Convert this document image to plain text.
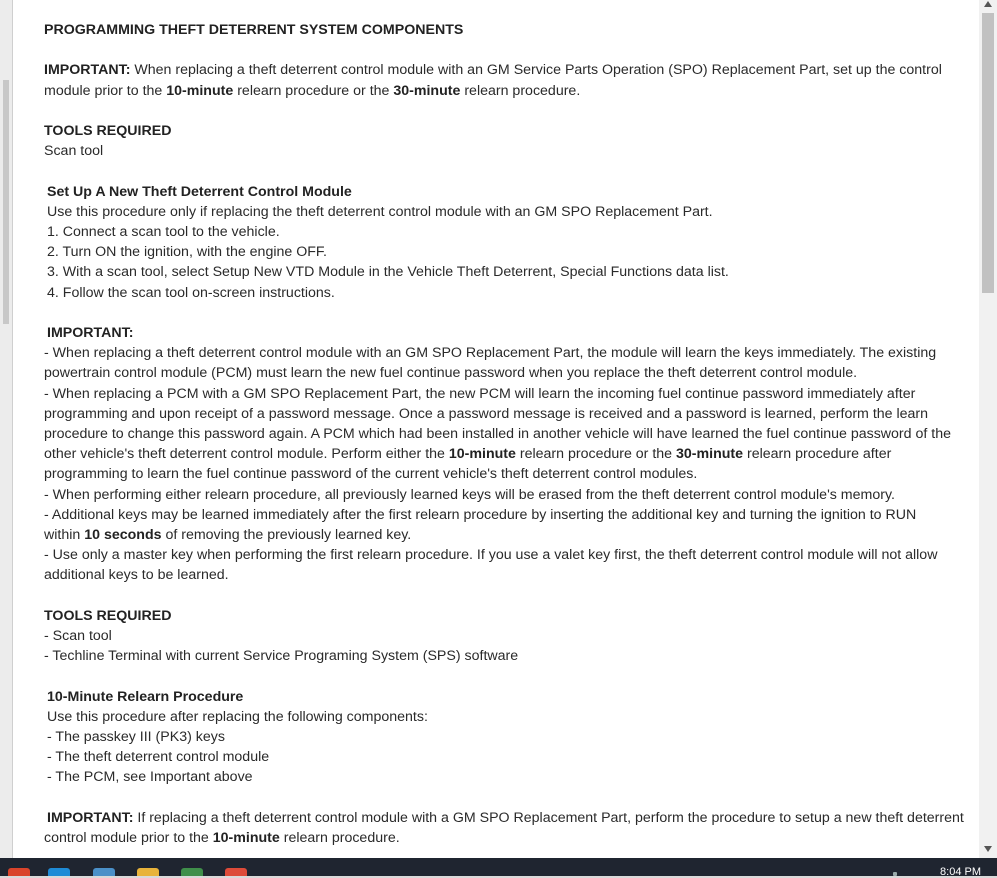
PROGRAMMING THEFT DETERRENT SYSTEM COMPONENTS
IMPORTANT: When replacing a theft deterrent control module with an GM Service Parts Operation (SPO) Replacement Part, set up the control
module prior to the 10-minute relearn procedure or the 30-minute relearn procedure.
TOOLS REQUIRED
Scan tool
Set Up A New Theft Deterrent Control Module
Use this procedure only if replacing the theft deterrent control module with an GM SPO Replacement Part.
1. Connect a scan tool to the vehicle.
2. Turn ON the ignition, with the engine OFF.
3. With a scan tool, select Setup New VTD Module in the Vehicle Theft Deterrent, Special Functions data list.
4. Follow the scan tool on-screen instructions.
IMPORTANT:
- When replacing a theft deterrent control module with an GM SPO Replacement Part, the module will learn the keys immediately. The existing
powertrain control module (PCM) must learn the new fuel continue password when you replace the theft deterrent control module.
- When replacing a PCM with a GM SPO Replacement Part, the new PCM will learn the incoming fuel continue password immediately after
programming and upon receipt of a password message. Once a password message is received and a password is learned, perform the learn
procedure to change this password again. A PCM which had been installed in another vehicle will have learned the fuel continue password of the
other vehicle's theft deterrent control module. Perform either the 10-minute relearn procedure or the 30-minute relearn procedure after
programming to learn the fuel continue password of the current vehicle's theft deterrent control modules.
- When performing either relearn procedure, all previously learned keys will be erased from the theft deterrent control module's memory.
- Additional keys may be learned immediately after the first relearn procedure by inserting the additional key and turning the ignition to RUN
within 10 seconds of removing the previously learned key.
- Use only a master key when performing the first relearn procedure. If you use a valet key first, the theft deterrent control module will not allow
additional keys to be learned.
TOOLS REQUIRED
- Scan tool
- Techline Terminal with current Service Programing System (SPS) software
10-Minute Relearn Procedure
Use this procedure after replacing the following components:
- The passkey III (PK3) keys
- The theft deterrent control module
- The PCM, see Important above
IMPORTANT: If replacing a theft deterrent control module with a GM SPO Replacement Part, perform the procedure to setup a new theft deterrent
control module prior to the 10-minute relearn procedure.
8:04 PM
